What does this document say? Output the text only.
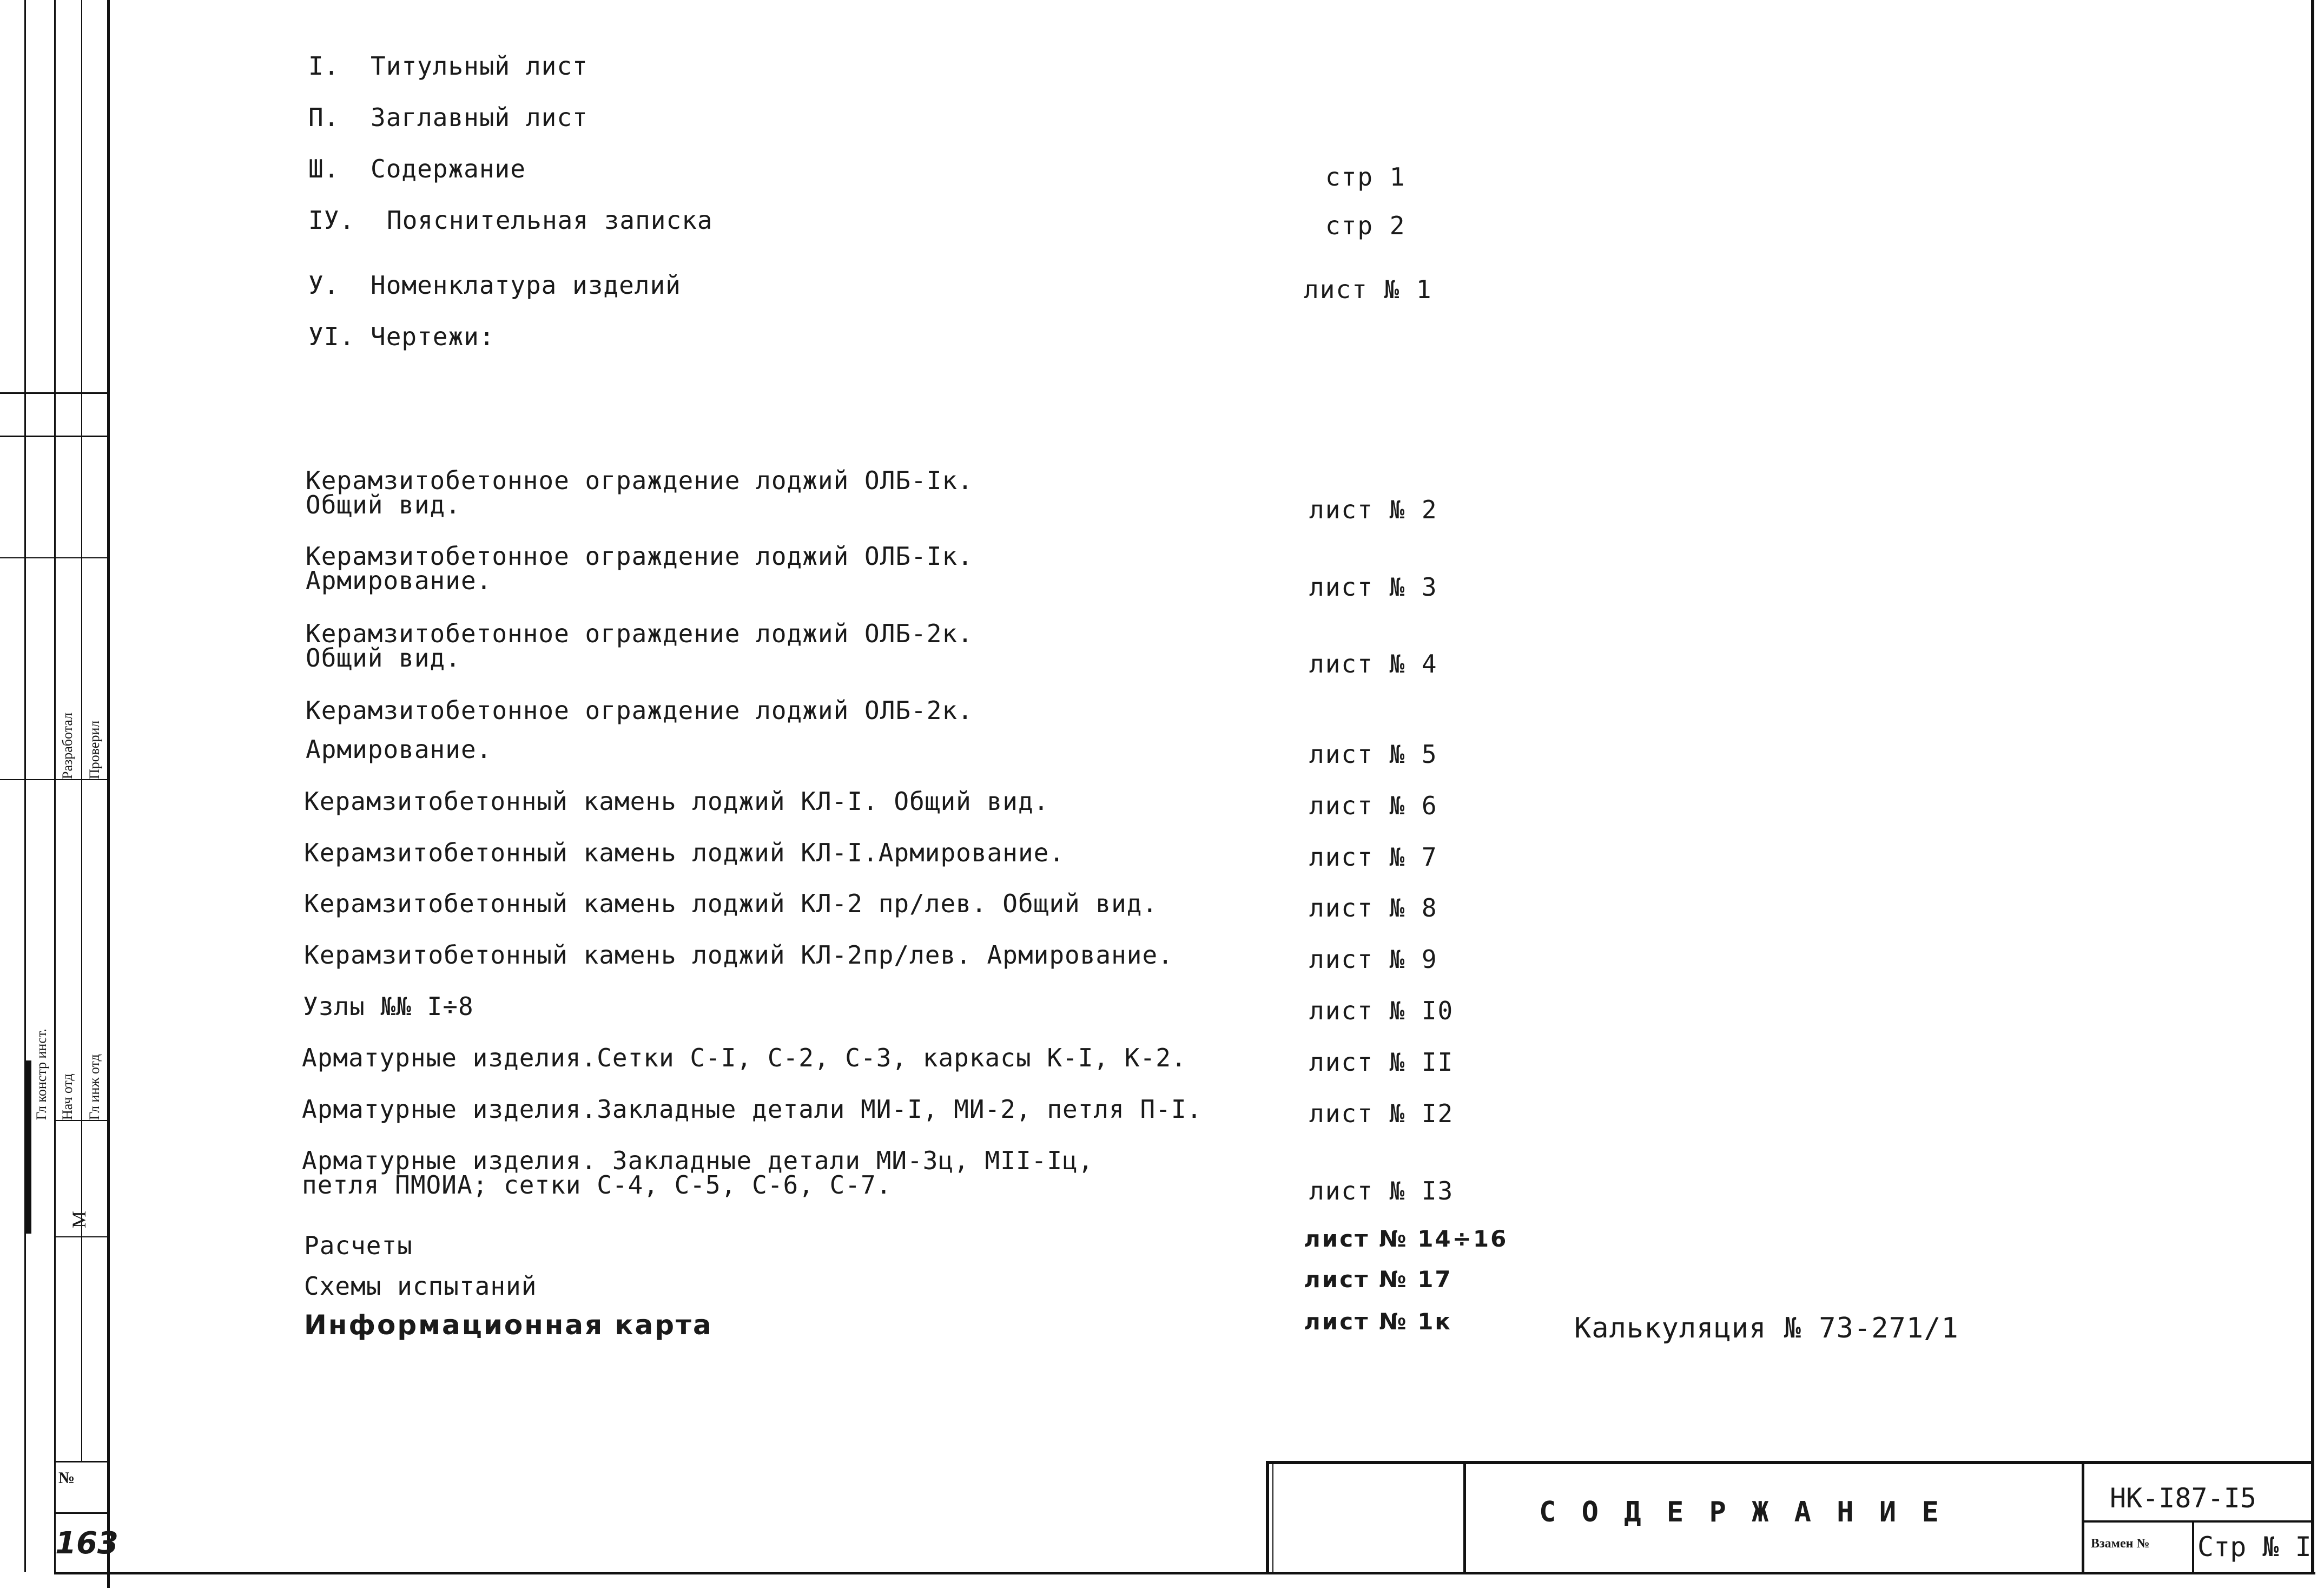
Разработал Проверил
Гл констр инст. Нач отд Гл инж отд
М
№
163
I. Титульный лист
П. Заглавный лист
Ш. Содержание	стр 1
IУ. Пояснительная записка	стр 2
У. Номенклатура изделий	лист № 1
УI. Чертежи:
Керамзитобетонное ограждение лоджий ОЛБ-Iк.
Общий вид.	лист № 2
Керамзитобетонное ограждение лоджий ОЛБ-Iк.
Армирование.	лист № 3
Керамзитобетонное ограждение лоджий ОЛБ-2к.
Общий вид.	лист № 4
Керамзитобетонное ограждение лоджий ОЛБ-2к.
Армирование.	лист № 5
Керамзитобетонный камень лоджий КЛ-I. Общий вид.	лист № 6
Керамзитобетонный камень лоджий КЛ-I.Армирование.	лист № 7
Керамзитобетонный камень лоджий КЛ-2 пр/лев. Общий вид.	лист № 8
Керамзитобетонный камень лоджий КЛ-2пр/лев. Армирование.	лист № 9
Узлы №№ I÷8	лист № I0
Арматурные изделия.Сетки С-I, С-2, С-3, каркасы К-I, К-2.	лист № II
Арматурные изделия.Закладные детали МИ-I, МИ-2, петля П-I.	лист № I2
Арматурные изделия. Закладные детали МИ-3ц, МII-Iц,
петля ПМОИА; сетки С-4, С-5, С-6, С-7.	лист № I3
Расчеты	лист № 14÷16
Схемы испытаний	лист № 17
Информационная карта	лист № 1к	Калькуляция № 73-271/1
С О Д Е Р Ж А Н И Е	НК-I87-I5
Взамен № Стр № I
